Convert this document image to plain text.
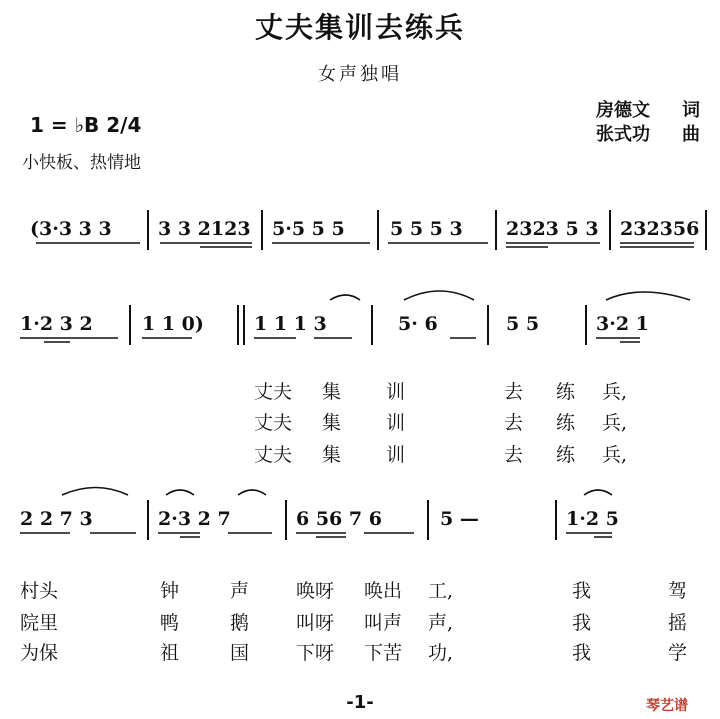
丈夫集训去练兵
女声独唱
1 = ♭B 2/4
小快板、热情地
房德文 词
张式功 曲
(3·3 3 3 3 3 2123 5·5 5 5 5 5 5 3 2323 5 3 232356
1·2 3 2	1 1 0)	1 1 1 3	5· 6	5 5	3·2 1
丈夫 集 训	去 练 兵,
丈夫 集 训	去 练 兵,
丈夫 集 训	去 练 兵,
2 2 7 3	2·3 2 7	6 56 7 6	5 —	1·2 5
村头	钟	声 唤呀 唤出 工,	我	驾
院里	鸭	鹅 叫呀 叫声 声,	我	摇
为保	祖	国 下呀 下苦 功,	我	学
-1-	琴艺谱
